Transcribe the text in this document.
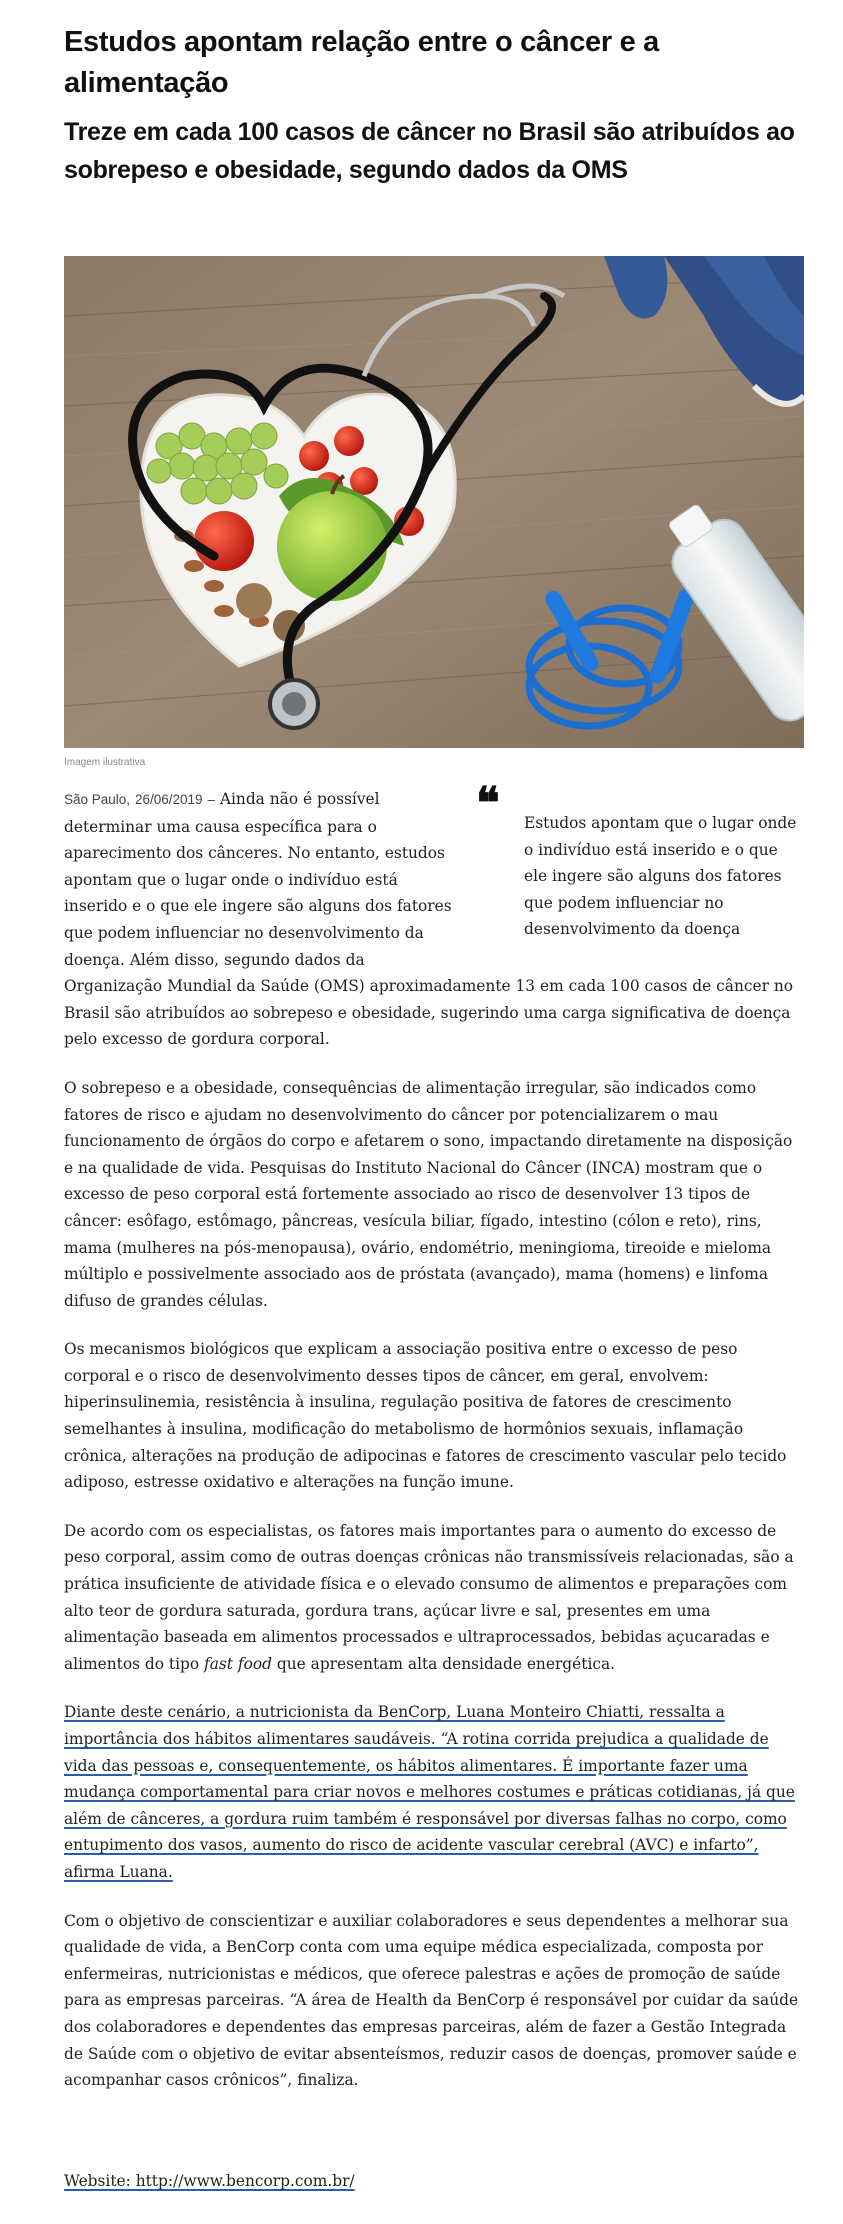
Estudos apontam relação entre o câncer e a alimentação
Treze em cada 100 casos de câncer no Brasil são atribuídos ao sobrepeso e obesidade, segundo dados da OMS
Imagem ilustrativa
❝	Estudos apontam que o lugar onde o indivíduo está inserido e o que ele ingere são alguns dos fatores que podem influenciar no desenvolvimento da doença

São Paulo, 26/06/2019 – Ainda não é possível determinar uma causa específica para o aparecimento dos cânceres. No entanto, estudos apontam que o lugar onde o indivíduo está inserido e o que ele ingere são alguns dos fatores que podem influenciar no desenvolvimento da doença. Além disso, segundo dados da Organização Mundial da Saúde (OMS) aproximadamente 13 em cada 100 casos de câncer no Brasil são atribuídos ao sobrepeso e obesidade, sugerindo uma carga significativa de doença pelo excesso de gordura corporal.

O sobrepeso e a obesidade, consequências de alimentação irregular, são indicados como fatores de risco e ajudam no desenvolvimento do câncer por potencializarem o mau funcionamento de órgãos do corpo e afetarem o sono, impactando diretamente na disposição e na qualidade de vida. Pesquisas do Instituto Nacional do Câncer (INCA) mostram que o excesso de peso corporal está fortemente associado ao risco de desenvolver 13 tipos de câncer: esôfago, estômago, pâncreas, vesícula biliar, fígado, intestino (cólon e reto), rins, mama (mulheres na pós-menopausa), ovário, endométrio, meningioma, tireoide e mieloma múltiplo e possivelmente associado aos de próstata (avançado), mama (homens) e linfoma difuso de grandes células.

Os mecanismos biológicos que explicam a associação positiva entre o excesso de peso corporal e o risco de desenvolvimento desses tipos de câncer, em geral, envolvem: hiperinsulinemia, resistência à insulina, regulação positiva de fatores de crescimento semelhantes à insulina, modificação do metabolismo de hormônios sexuais, inflamação crônica, alterações na produção de adipocinas e fatores de crescimento vascular pelo tecido adiposo, estresse oxidativo e alterações na função imune.

De acordo com os especialistas, os fatores mais importantes para o aumento do excesso de peso corporal, assim como de outras doenças crônicas não transmissíveis relacionadas, são a prática insuficiente de atividade física e o elevado consumo de alimentos e preparações com alto teor de gordura saturada, gordura trans, açúcar livre e sal, presentes em uma alimentação baseada em alimentos processados e ultraprocessados, bebidas açucaradas e alimentos do tipo fast food que apresentam alta densidade energética.

Diante deste cenário, a nutricionista da BenCorp, Luana Monteiro Chiatti, ressalta a importância dos hábitos alimentares saudáveis. “A rotina corrida prejudica a qualidade de vida das pessoas e, consequentemente, os hábitos alimentares. É importante fazer uma mudança comportamental para criar novos e melhores costumes e práticas cotidianas, já que além de cânceres, a gordura ruim também é responsável por diversas falhas no corpo, como entupimento dos vasos, aumento do risco de acidente vascular cerebral (AVC) e infarto”, afirma Luana.

Com o objetivo de conscientizar e auxiliar colaboradores e seus dependentes a melhorar sua qualidade de vida, a BenCorp conta com uma equipe médica especializada, composta por enfermeiras, nutricionistas e médicos, que oferece palestras e ações de promoção de saúde para as empresas parceiras. “A área de Health da BenCorp é responsável por cuidar da saúde dos colaboradores e dependentes das empresas parceiras, além de fazer a Gestão Integrada de Saúde com o objetivo de evitar absenteísmos, reduzir casos de doenças, promover saúde e acompanhar casos crônicos”, finaliza.

Website: http://www.bencorp.com.br/
